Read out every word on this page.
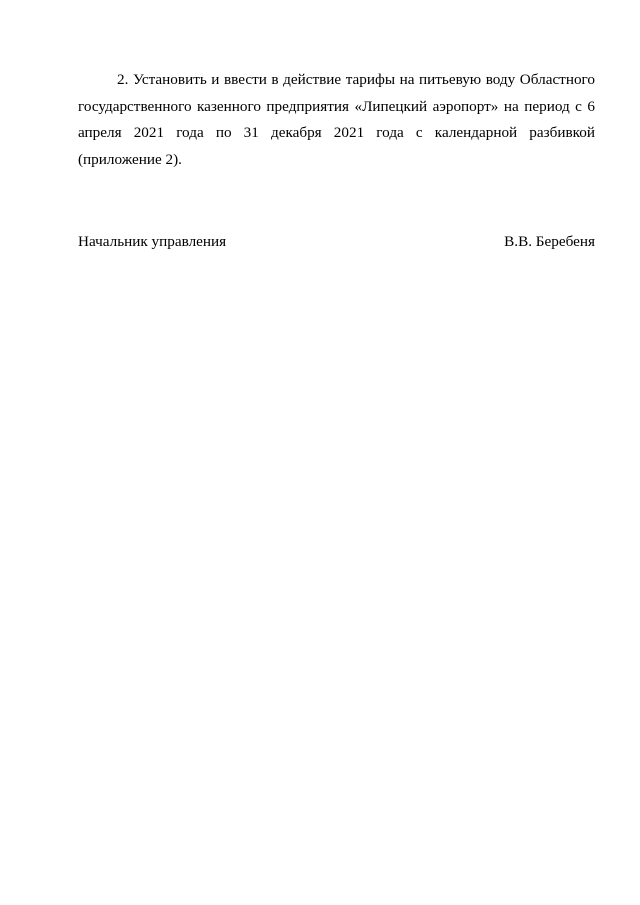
2. Установить и ввести в действие тарифы на питьевую воду Областного государственного казенного предприятия «Липецкий аэропорт» на период с 6 апреля 2021 года по 31 декабря 2021 года с календарной разбивкой (приложение 2).

Начальник управления	В.В. Беребеня
